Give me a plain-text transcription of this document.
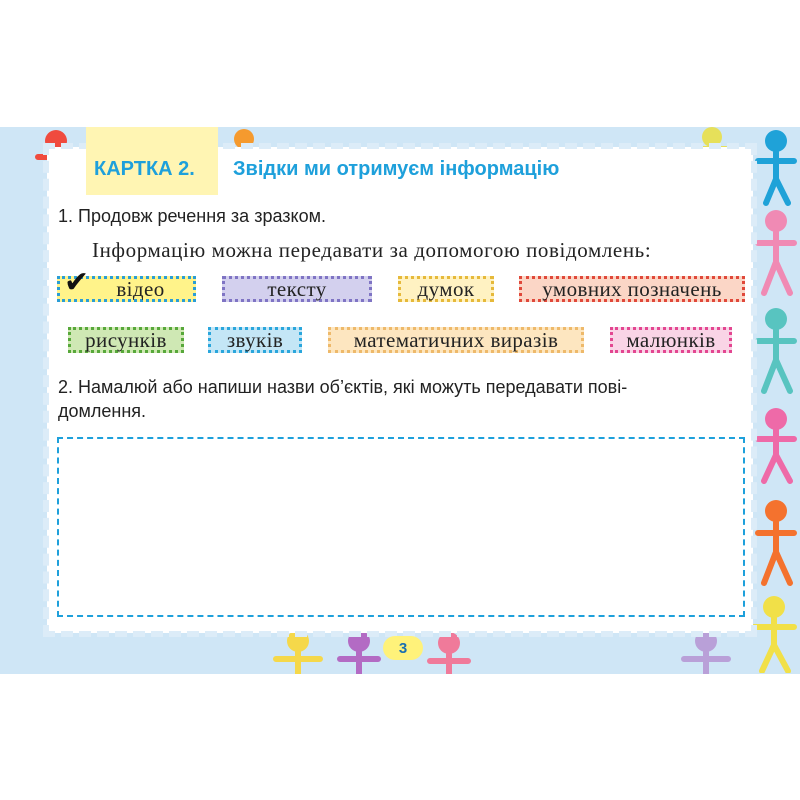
КАРТКА 2. Звідки ми отримуєм інформацію
1. Продовж речення за зразком.
Інформацію можна передавати за допомогою повідомлень:
відео
✔	тексту	думок	умовних позначень
рисунків	звуків	математичних виразів	малюнків
2. Намалюй або напиши назви об’єктів, які можуть передавати пові-
домлення.
3
